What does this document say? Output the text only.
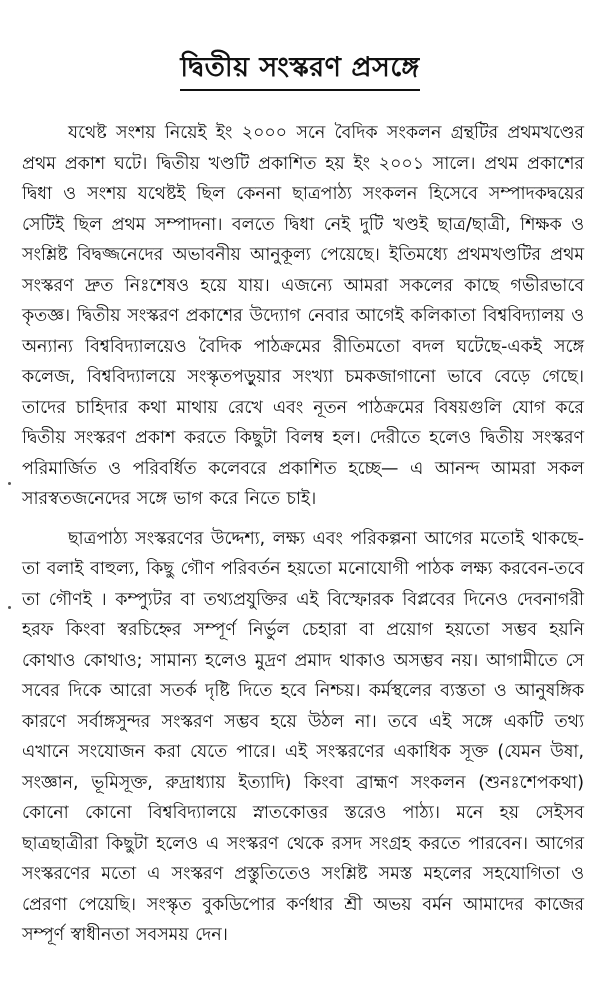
দ্বিতীয় সংস্করণ প্রসঙ্গে

যথেষ্ট সংশয় নিয়েই ইং ২০০০ সনে বৈদিক সংকলন গ্রন্থটির প্রথমখণ্ডের প্রথম প্রকাশ ঘটে। দ্বিতীয় খণ্ডটি প্রকাশিত হয় ইং ২০০১ সালে। প্রথম প্রকাশের দ্বিধা ও সংশয় যথেষ্টই ছিল কেননা ছাত্রপাঠ্য সংকলন হিসেবে সম্পাদকদ্বয়ের সেটিই ছিল প্রথম সম্পাদনা। বলতে দ্বিধা নেই দুটি খণ্ডই ছাত্র/ছাত্রী, শিক্ষক ও সংশ্লিষ্ট বিদ্বজ্জনেদের অভাবনীয় আনুকূল্য পেয়েছে। ইতিমধ্যে প্রথমখণ্ডটির প্রথম সংস্করণ দ্রুত নিঃশেষও হয়ে যায়। এজন্যে আমরা সকলের কাছে গভীরভাবে কৃতজ্ঞ। দ্বিতীয় সংস্করণ প্রকাশের উদ্যোগ নেবার আগেই কলিকাতা বিশ্ববিদ্যালয় ও অন্যান্য বিশ্ববিদ্যালয়েও বৈদিক পাঠক্রমের রীতিমতো বদল ঘটেছে-একই সঙ্গে কলেজ, বিশ্ববিদ্যালয়ে সংস্কৃতপড়ুয়ার সংখ্যা চমকজাগানো ভাবে বেড়ে গেছে। তাদের চাহিদার কথা মাথায় রেখে এবং নূতন পাঠক্রমের বিষয়গুলি যোগ করে দ্বিতীয় সংস্করণ প্রকাশ করতে কিছুটা বিলম্ব হল। দেরীতে হলেও দ্বিতীয় সংস্করণ পরিমার্জিত ও পরিবর্ধিত কলেবরে প্রকাশিত হচ্ছে— এ আনন্দ আমরা সকল সারস্বতজনেদের সঙ্গে ভাগ করে নিতে চাই।

ছাত্রপাঠ্য সংস্করণের উদ্দেশ্য, লক্ষ্য এবং পরিকল্পনা আগের মতোই থাকছে-তা বলাই বাহুল্য, কিছু গৌণ পরিবর্তন হয়তো মনোযোগী পাঠক লক্ষ্য করবেন-তবে তা গৌণই । কম্প্যুটর বা তথ্যপ্রযুক্তির এই বিস্ফোরক বিপ্লবের দিনেও দেবনাগরী হরফ কিংবা স্বরচিহ্নের সম্পূর্ণ নির্ভুল চেহারা বা প্রয়োগ হয়তো সম্ভব হয়নি কোথাও কোথাও; সামান্য হলেও মুদ্রণ প্রমাদ থাকাও অসম্ভব নয়। আগামীতে সে সবের দিকে আরো সতর্ক দৃষ্টি দিতে হবে নিশ্চয়। কর্মস্থলের ব্যস্ততা ও আনুষঙ্গিক কারণে সর্বাঙ্গসুন্দর সংস্করণ সম্ভব হয়ে উঠল না। তবে এই সঙ্গে একটি তথ্য এখানে সংযোজন করা যেতে পারে। এই সংস্করণের একাধিক সূক্ত (যেমন উষা, সংজ্ঞান, ভূমিসূক্ত, রুদ্রাধ্যায় ইত্যাদি) কিংবা ব্রাহ্মণ সংকলন (শুনঃশেপকথা) কোনো কোনো বিশ্ববিদ্যালয়ে স্নাতকোত্তর স্তরেও পাঠ্য। মনে হয় সেইসব ছাত্রছাত্রীরা কিছুটা হলেও এ সংস্করণ থেকে রসদ সংগ্রহ করতে পারবেন। আগের সংস্করণের মতো এ সংস্করণ প্রস্তুতিতেও সংশ্লিষ্ট সমস্ত মহলের সহযোগিতা ও প্রেরণা পেয়েছি। সংস্কৃত বুকডিপোর কর্ণধার শ্রী অভয় বর্মন আমাদের কাজের সম্পূর্ণ স্বাধীনতা সবসময় দেন।
